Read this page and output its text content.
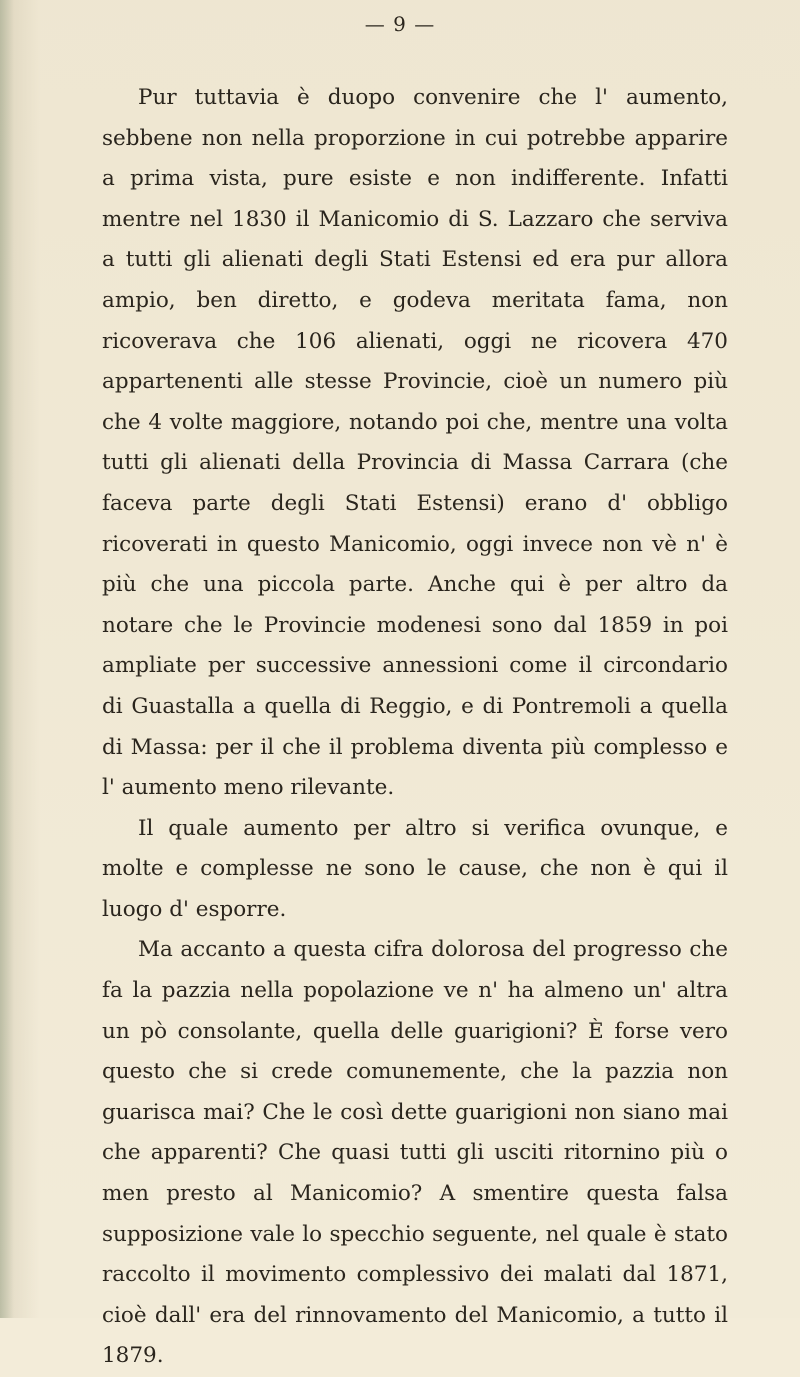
— 9 —

Pur tuttavia è duopo convenire che l' aumento, sebbene non nella proporzione in cui potrebbe apparire a prima vista, pure esiste e non indifferente. Infatti mentre nel 1830 il Manicomio di S. Lazzaro che serviva a tutti gli alienati degli Stati Estensi ed era pur allora ampio, ben diretto, e godeva meritata fama, non ricoverava che 106 alienati, oggi ne ricovera 470 appartenenti alle stesse Provincie, cioè un numero più che 4 volte maggiore, notando poi che, mentre una volta tutti gli alienati della Provincia di Massa Carrara (che faceva parte degli Stati Estensi) erano d' obbligo ricoverati in questo Manicomio, oggi invece non vè n' è più che una piccola parte. Anche qui è per altro da notare che le Provincie modenesi sono dal 1859 in poi ampliate per successive annessioni come il circondario di Guastalla a quella di Reggio, e di Pontremoli a quella di Massa: per il che il problema diventa più complesso e l' aumento meno rilevante.

Il quale aumento per altro si verifica ovunque, e molte e complesse ne sono le cause, che non è qui il luogo d' esporre.

Ma accanto a questa cifra dolorosa del progresso che fa la pazzia nella popolazione ve n' ha almeno un' altra un pò consolante, quella delle guarigioni? È forse vero questo che si crede comunemente, che la pazzia non guarisca mai? Che le così dette guarigioni non siano mai che apparenti? Che quasi tutti gli usciti ritornino più o men presto al Manicomio? A smentire questa falsa supposizione vale lo specchio seguente, nel quale è stato raccolto il movimento complessivo dei malati dal 1871, cioè dall' era del rinnovamento del Manicomio, a tutto il 1879.
